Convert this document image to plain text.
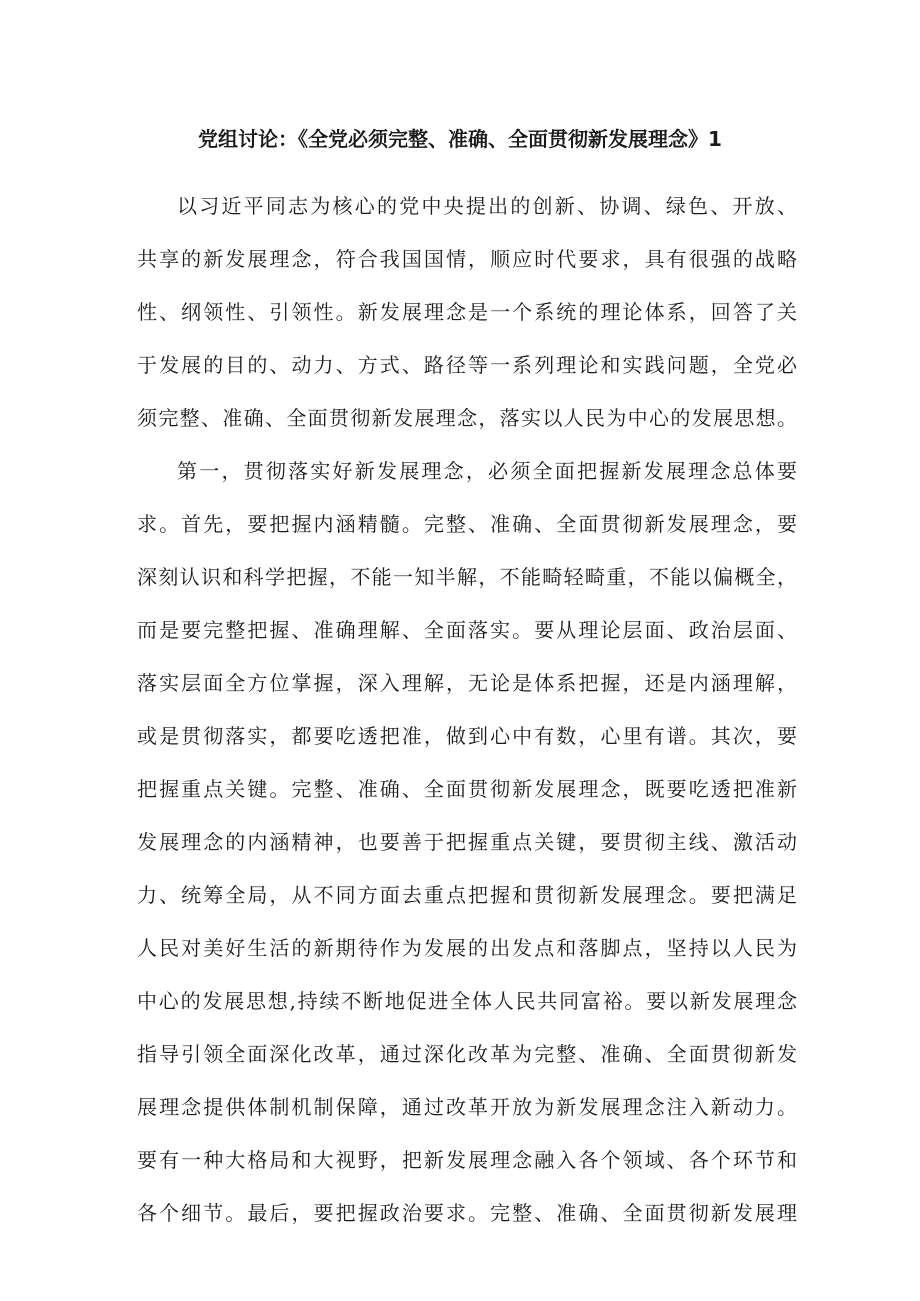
党组讨论：《全党必须完整、准确、全面贯彻新发展理念》1
以习近平同志为核心的党中央提出的创新、协调、绿色、开放、
共享的新发展理念，符合我国国情，顺应时代要求，具有很强的战略
性、纲领性、引领性。新发展理念是一个系统的理论体系，回答了关
于发展的目的、动力、方式、路径等一系列理论和实践问题，全党必
须完整、准确、全面贯彻新发展理念，落实以人民为中心的发展思想。
第一，贯彻落实好新发展理念，必须全面把握新发展理念总体要
求。首先，要把握内涵精髓。完整、准确、全面贯彻新发展理念，要
深刻认识和科学把握，不能一知半解，不能畸轻畸重，不能以偏概全，
而是要完整把握、准确理解、全面落实。要从理论层面、政治层面、
落实层面全方位掌握，深入理解，无论是体系把握，还是内涵理解，
或是贯彻落实，都要吃透把准，做到心中有数，心里有谱。其次，要
把握重点关键。完整、准确、全面贯彻新发展理念，既要吃透把准新
发展理念的内涵精神，也要善于把握重点关键，要贯彻主线、激活动
力、统筹全局，从不同方面去重点把握和贯彻新发展理念。要把满足
人民对美好生活的新期待作为发展的出发点和落脚点，坚持以人民为
中心的发展思想,持续不断地促进全体人民共同富裕。要以新发展理念
指导引领全面深化改革，通过深化改革为完整、准确、全面贯彻新发
展理念提供体制机制保障，通过改革开放为新发展理念注入新动力。
要有一种大格局和大视野，把新发展理念融入各个领域、各个环节和
各个细节。最后，要把握政治要求。完整、准确、全面贯彻新发展理
